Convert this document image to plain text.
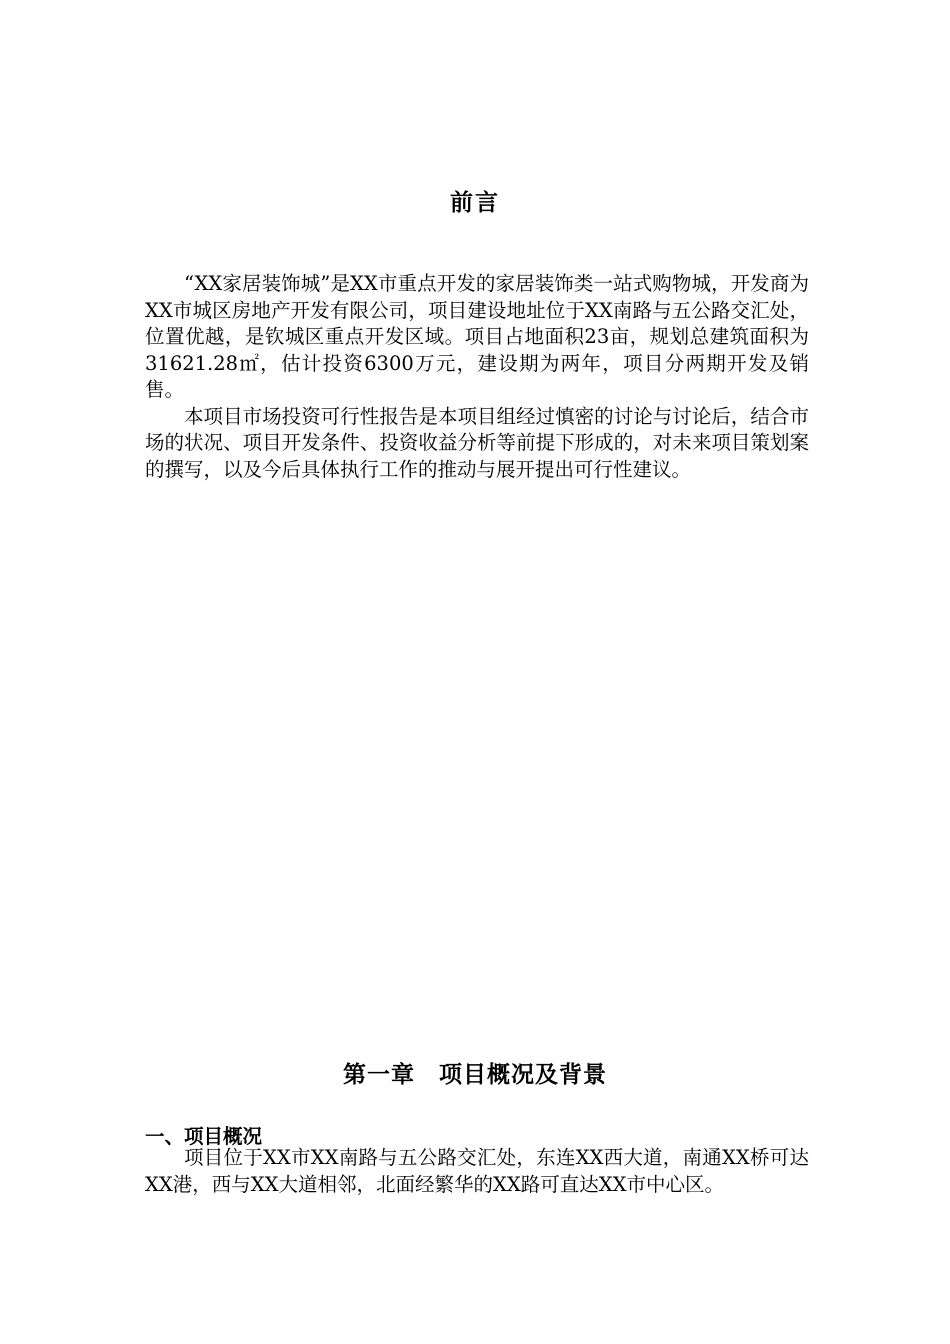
前言

“XX家居装饰城”是XX市重点开发的家居装饰类一站式购物城，开发商为XX市城区房地产开发有限公司，项目建设地址位于XX南路与五公路交汇处，位置优越，是钦城区重点开发区域。项目占地面积23亩，规划总建筑面积为31621.28㎡，估计投资6300万元，建设期为两年，项目分两期开发及销售。

本项目市场投资可行性报告是本项目组经过慎密的讨论与讨论后，结合市场的状况、项目开发条件、投资收益分析等前提下形成的，对未来项目策划案的撰写，以及今后具体执行工作的推动与展开提出可行性建议。

第一章　项目概况及背景
一、项目概况

项目位于XX市XX南路与五公路交汇处，东连XX西大道，南通XX桥可达XX港，西与XX大道相邻，北面经繁华的XX路可直达XX市中心区。
